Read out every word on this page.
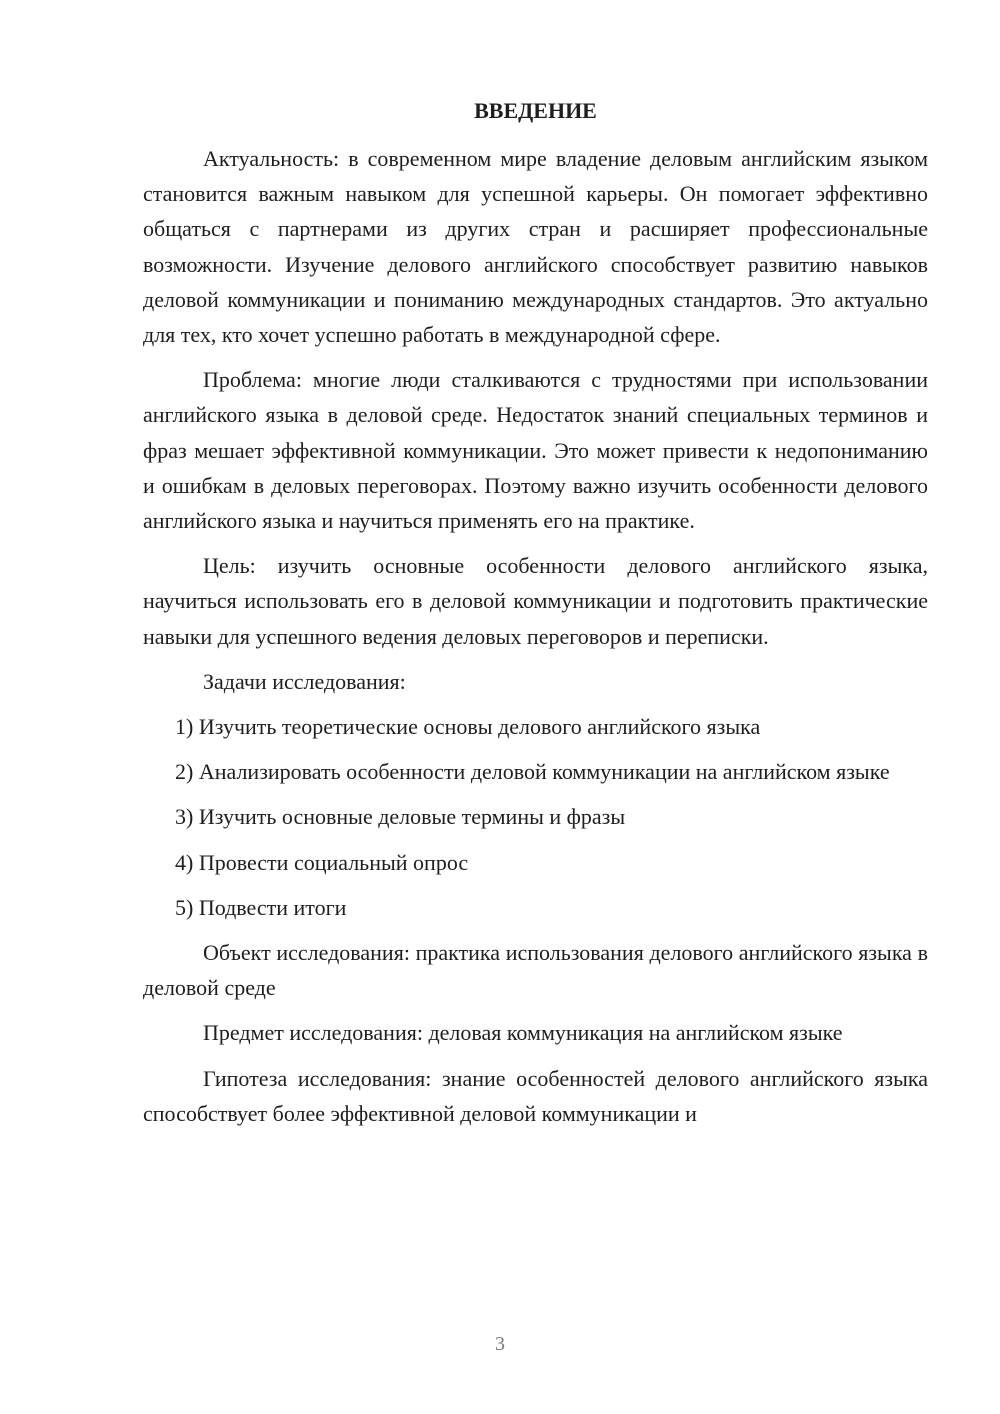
ВВЕДЕНИЕ

Актуальность: в современном мире владение деловым английским языком становится важным навыком для успешной карьеры. Он помогает эффективно общаться с партнерами из других стран и расширяет профессиональные возможности. Изучение делового английского способствует развитию навыков деловой коммуникации и пониманию международных стандартов. Это актуально для тех, кто хочет успешно работать в международной сфере.

Проблема: многие люди сталкиваются с трудностями при использовании английского языка в деловой среде. Недостаток знаний специальных терминов и фраз мешает эффективной коммуникации. Это может привести к недопониманию и ошибкам в деловых переговорах. Поэтому важно изучить особенности делового английского языка и научиться применять его на практике.

Цель: изучить основные особенности делового английского языка, научиться использовать его в деловой коммуникации и подготовить практические навыки для успешного ведения деловых переговоров и переписки.

Задачи исследования:

1) Изучить теоретические основы делового английского языка

2) Анализировать особенности деловой коммуникации на английском языке

3) Изучить основные деловые термины и фразы

4) Провести социальный опрос

5) Подвести итоги

Объект исследования: практика использования делового английского языка в деловой среде

Предмет исследования: деловая коммуникация на английском языке

Гипотеза исследования: знание особенностей делового английского языка способствует более эффективной деловой коммуникации и

3
